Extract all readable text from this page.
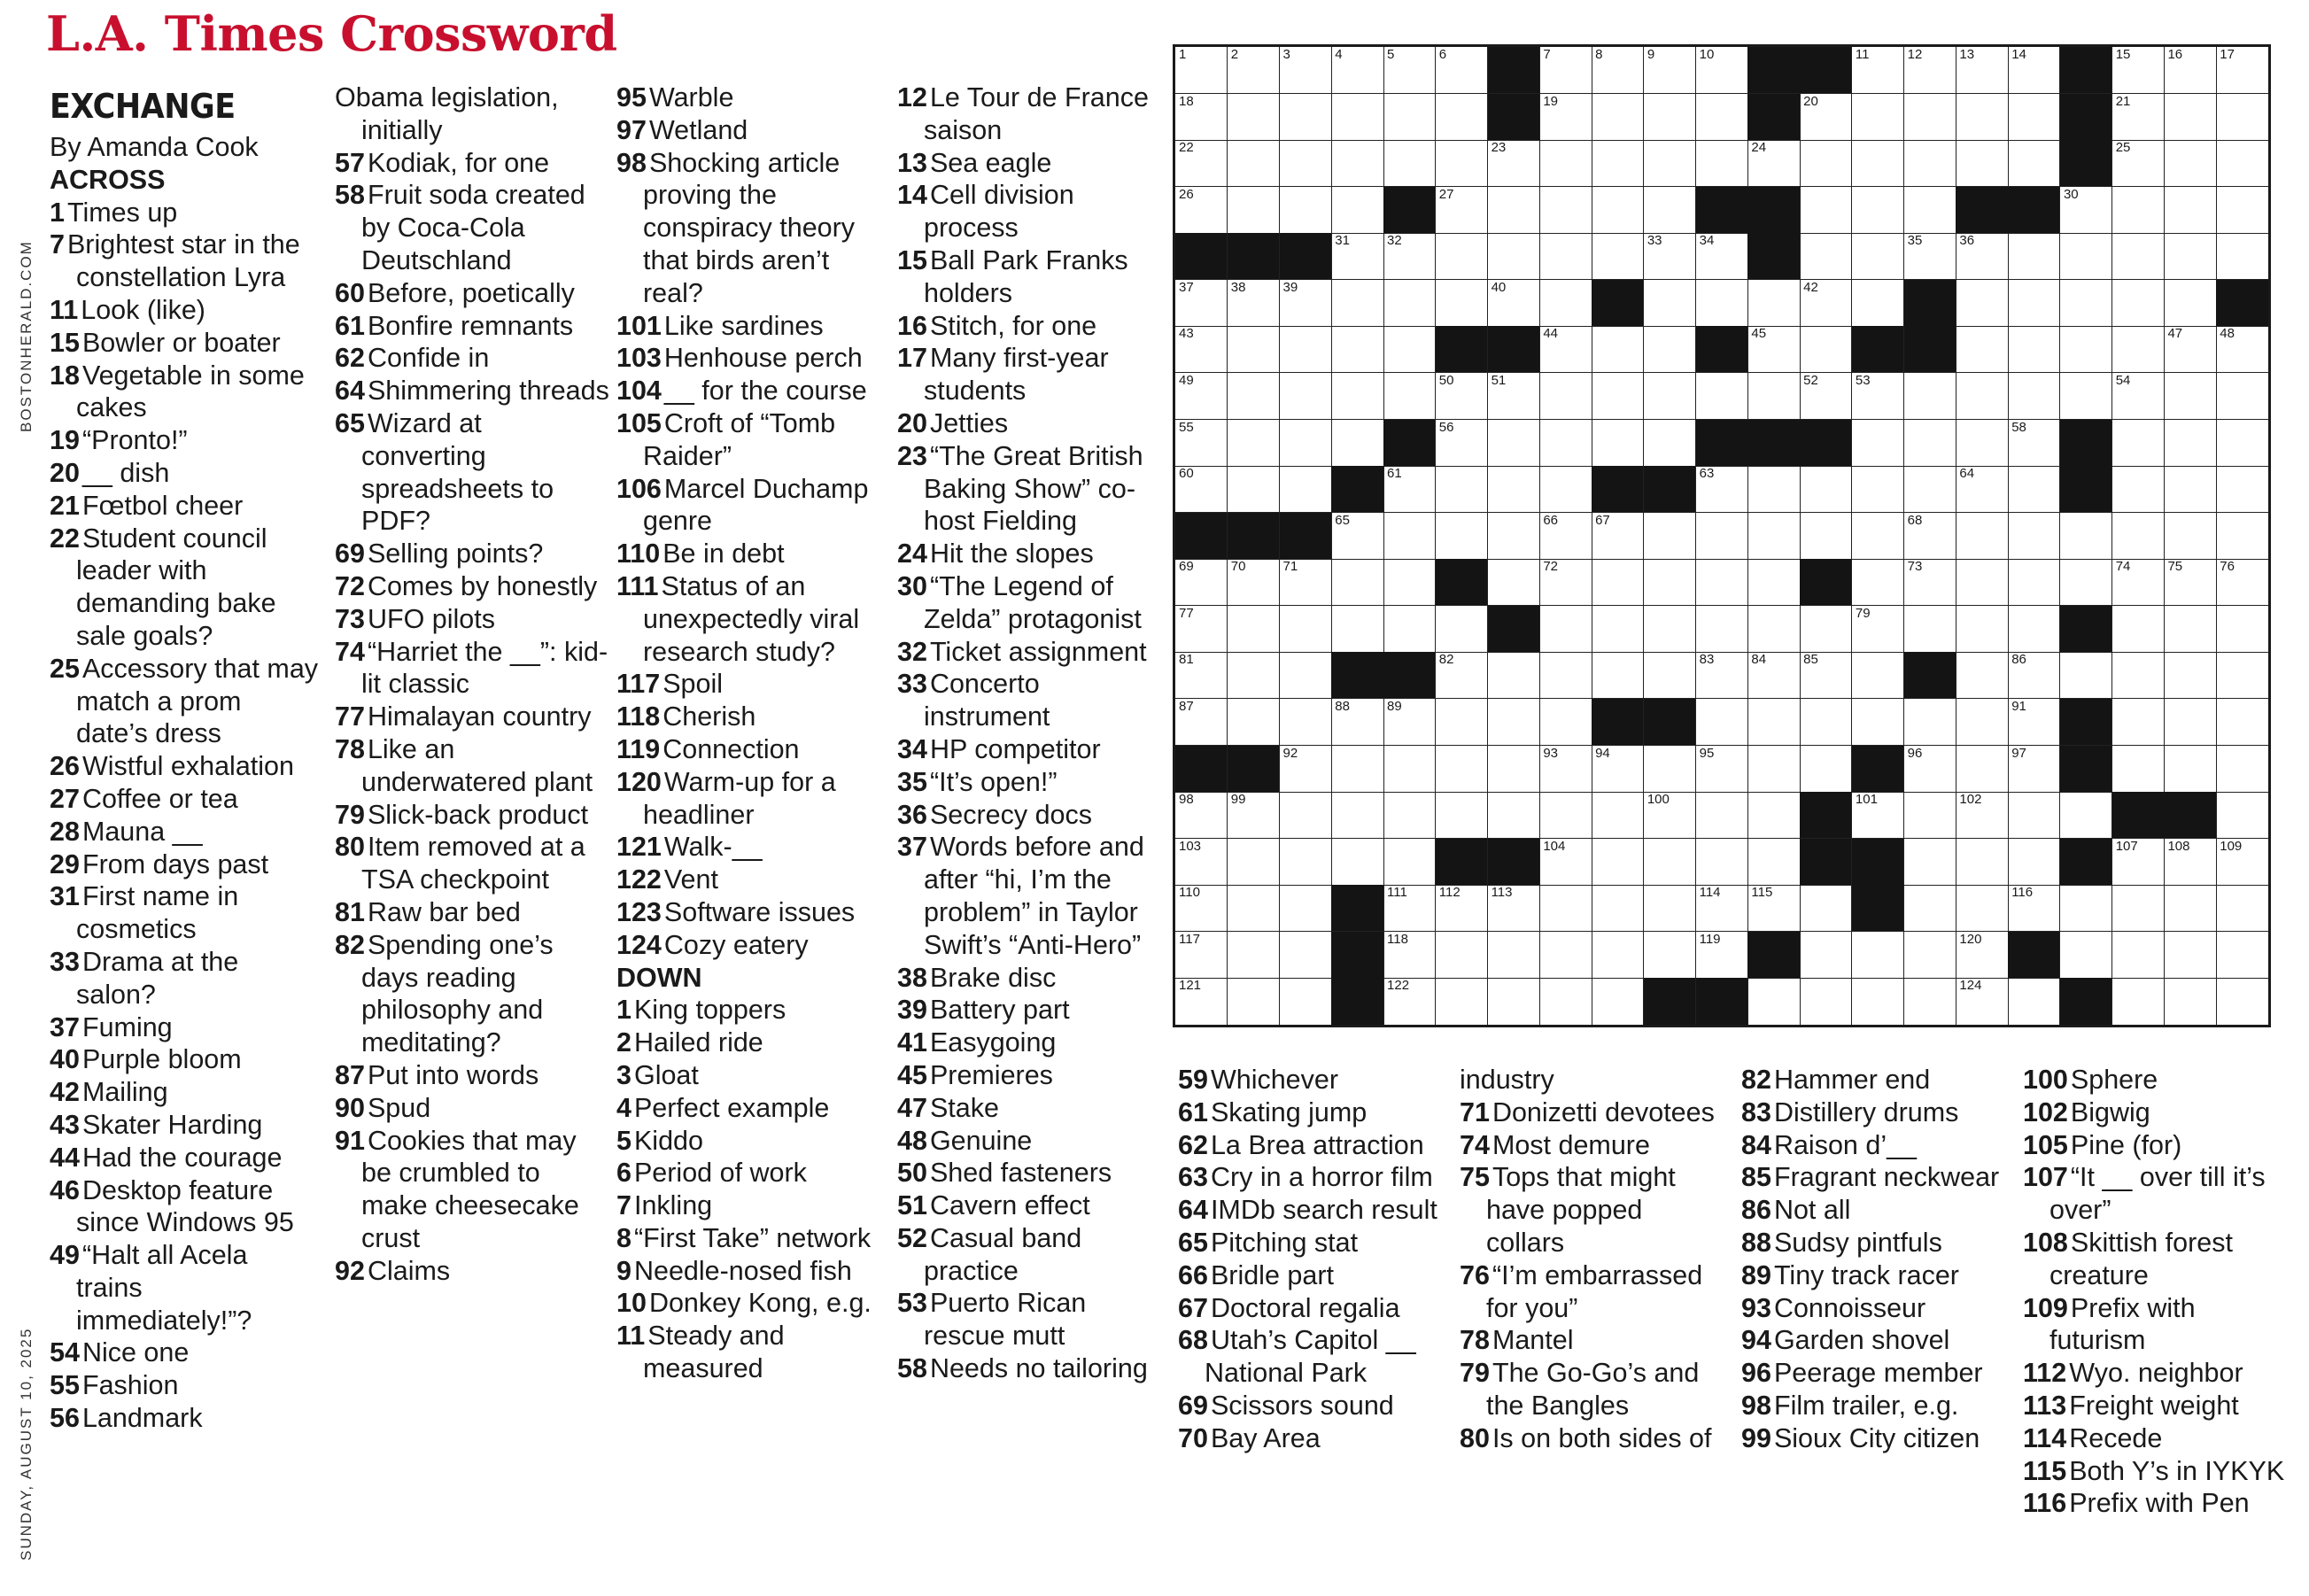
L.A. Times Crossword
BOSTONHERALD.COM
SUNDAY, AUGUST 10, 2025
EXCHANGE
By Amanda Cook
ACROSS
1Times up
7Brightest star in the constellation Lyra
11Look (like)
15Bowler or boater
18Vegetable in some cakes
19“Pronto!”
20__ dish
21Fœtbol cheer
22Student council leader with demanding bake sale goals?
25Accessory that may match a prom date’s dress
26Wistful exhalation
27Coffee or tea
28Mauna __
29From days past
31First name in cosmetics
33Drama at the salon?
37Fuming
40Purple bloom
42Mailing
43Skater Harding
44Had the courage
46Desktop feature since Windows 95
49“Halt all Acela trains immediately!”?
54Nice one
55Fashion
56Landmark
Obama legislation, initially
57Kodiak, for one
58Fruit soda created by Coca-Cola Deutschland
60Before, poetically
61Bonfire remnants
62Confide in
64Shimmering threads
65Wizard at converting spreadsheets to PDF?
69Selling points?
72Comes by honestly
73UFO pilots
74“Harriet the __”: kid-lit classic
77Himalayan country
78Like an underwatered plant
79Slick-back product
80Item removed at a TSA checkpoint
81Raw bar bed
82Spending one’s days reading philosophy and meditating?
87Put into words
90Spud
91Cookies that may be crumbled to make cheesecake crust
92Claims
95Warble
97Wetland
98Shocking article proving the conspiracy theory that birds aren’t real?
101Like sardines
103Henhouse perch
104__ for the course
105Croft of “Tomb Raider”
106Marcel Duchamp genre
110Be in debt
111Status of an unexpectedly viral research study?
117Spoil
118Cherish
119Connection
120Warm-up for a headliner
121Walk-__
122Vent
123Software issues
124Cozy eatery
DOWN
1King toppers
2Hailed ride
3Gloat
4Perfect example
5Kiddo
6Period of work
7Inkling
8“First Take” network
9Needle-nosed fish
10Donkey Kong, e.g.
11Steady and measured
12Le Tour de France saison
13Sea eagle
14Cell division process
15Ball Park Franks holders
16Stitch, for one
17Many first-year students
20Jetties
23“The Great British Baking Show” co-host Fielding
24Hit the slopes
30“The Legend of Zelda” protagonist
32Ticket assignment
33Concerto instrument
34HP competitor
35“It’s open!”
36Secrecy docs
37Words before and after “hi, I’m the problem” in Taylor Swift’s “Anti-Hero”
38Brake disc
39Battery part
41Easygoing
45Premieres
47Stake
48Genuine
50Shed fasteners
51Cavern effect
52Casual band practice
53Puerto Rican rescue mutt
58Needs no tailoring
59Whichever
61Skating jump
62La Brea attraction
63Cry in a horror film
64IMDb search result
65Pitching stat
66Bridle part
67Doctoral regalia
68Utah’s Capitol __ National Park
69Scissors sound
70Bay Area
industry
71Donizetti devotees
74Most demure
75Tops that might have popped collars
76“I’m embarrassed for you”
78Mantel
79The Go-Go’s and the Bangles
80Is on both sides of
82Hammer end
83Distillery drums
84Raison d’__
85Fragrant neckwear
86Not all
88Sudsy pintfuls
89Tiny track racer
93Connoisseur
94Garden shovel
96Peerage member
98Film trailer, e.g.
99Sioux City citizen
100Sphere
102Bigwig
105Pine (for)
107“It __ over till it’s over”
108Skittish forest creature
109Prefix with futurism
112Wyo. neighbor
113Freight weight
114Recede
115Both Y’s in IYKYK
116Prefix with Pen
1	2	3	4	5	6	7	8	9	10	11	12	13	14	15	16	17
18	19	20	21
22	23	24	25
26	27	30
31	32	33	34	35	36
37	38	39	40	42
43	44	45	47	48
49	50	51	52	53	54
55	56	58
60	61	63	64
65	66	67	68
69	70	71	72	73	74	75	76
77	79
81	82	83	84	85	86
87	88	89	91
92	93	94	95	96	97
98	99	100	101	102
103	104	107 108 109
110	111 112 113	114 115	116
117	118	119	120
121	122	124
